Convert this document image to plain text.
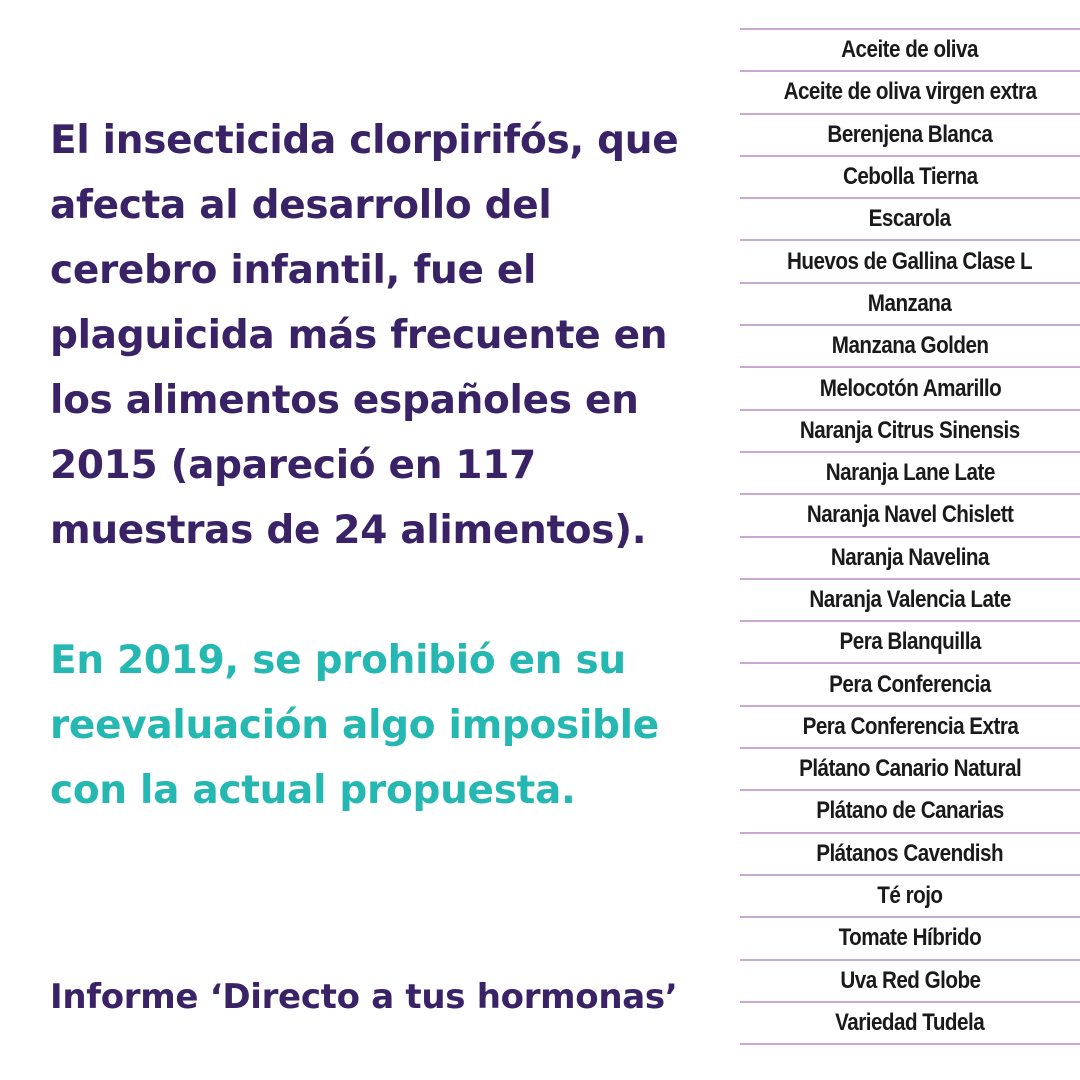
El insecticida clorpirifós, que afecta al desarrollo del cerebro infantil, fue el plaguicida más frecuente en los alimentos españoles en 2015 (apareció en 117 muestras de 24 alimentos).

En 2019, se prohibió en su reevaluación algo imposible con la actual propuesta.

Informe ‘Directo a tus hormonas’
Aceite de oliva
Aceite de oliva virgen extra
Berenjena Blanca
Cebolla Tierna
Escarola
Huevos de Gallina Clase L
Manzana
Manzana Golden
Melocotón Amarillo
Naranja Citrus Sinensis
Naranja Lane Late
Naranja Navel Chislett
Naranja Navelina
Naranja Valencia Late
Pera Blanquilla
Pera Conferencia
Pera Conferencia Extra
Plátano Canario Natural
Plátano de Canarias
Plátanos Cavendish
Té rojo
Tomate Híbrido
Uva Red Globe
Variedad Tudela
